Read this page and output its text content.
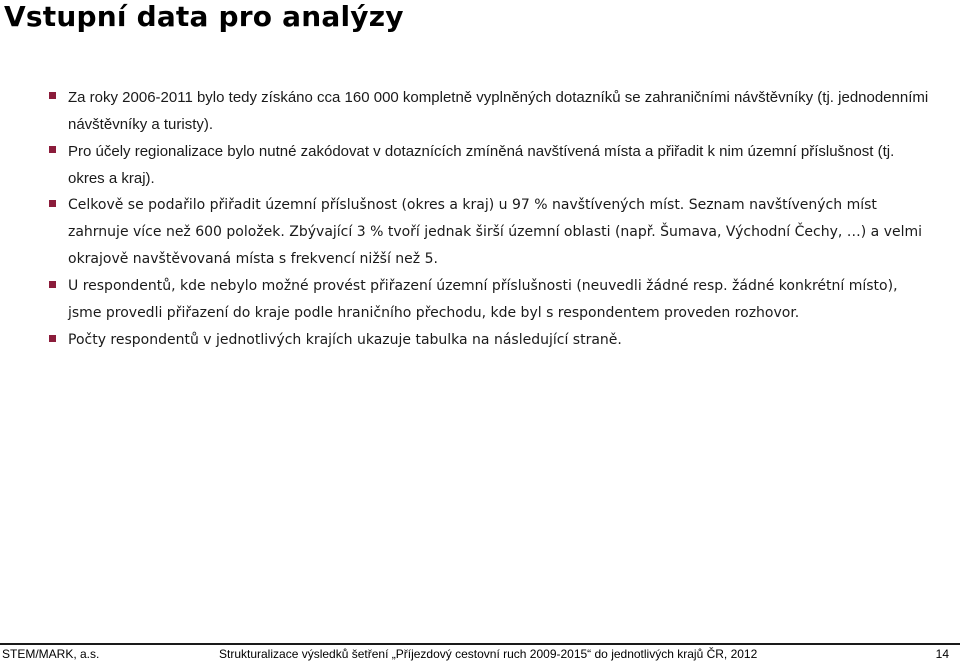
Vstupní data pro analýzy
Za roky 2006-2011 bylo tedy získáno cca 160 000 kompletně vyplněných dotazníků se zahraničními návštěvníky (tj. jednodenními návštěvníky a turisty).
Pro účely regionalizace bylo nutné zakódovat v dotaznících zmíněná navštívená místa a přiřadit k nim územní příslušnost (tj. okres a kraj).
Celkově se podařilo přiřadit územní příslušnost (okres a kraj) u 97 % navštívených míst. Seznam navštívených míst zahrnuje více než 600 položek. Zbývající 3 % tvoří jednak širší územní oblasti (např. Šumava, Východní Čechy, …) a velmi okrajově navštěvovaná místa s frekvencí nižší než 5.
U respondentů, kde nebylo možné provést přiřazení územní příslušnosti (neuvedli žádné resp. žádné konkrétní místo), jsme provedli přiřazení do kraje podle hraničního přechodu, kde byl s respondentem proveden rozhovor.
Počty respondentů v jednotlivých krajích ukazuje tabulka na následující straně.
STEM/MARK, a.s.	Strukturalizace výsledků šetření „Příjezdový cestovní ruch 2009-2015“ do jednotlivých krajů ČR, 2012	14
